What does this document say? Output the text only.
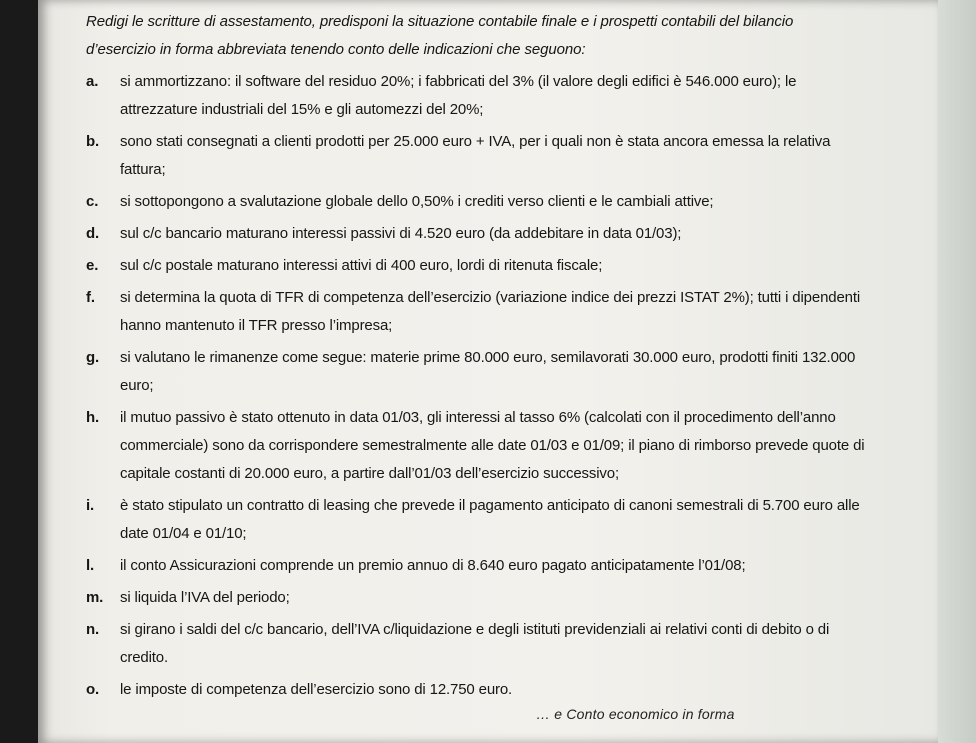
Redigi le scritture di assestamento, predisponi la situazione contabile finale e i prospetti contabili del bilancio d’esercizio in forma abbreviata tenendo conto delle indicazioni che seguono:

a.	si ammortizzano: il software del residuo 20%; i fabbricati del 3% (il valore degli edifici è 546.000 euro); le attrezzature industriali del 15% e gli automezzi del 20%;
b.	sono stati consegnati a clienti prodotti per 25.000 euro + IVA, per i quali non è stata ancora emessa la relativa fattura;
c.	si sottopongono a svalutazione globale dello 0,50% i crediti verso clienti e le cambiali attive;
d.	sul c/c bancario maturano interessi passivi di 4.520 euro (da addebitare in data 01/03);
e.	sul c/c postale maturano interessi attivi di 400 euro, lordi di ritenuta fiscale;
f.	si determina la quota di TFR di competenza dell’esercizio (variazione indice dei prezzi ISTAT 2%); tutti i dipendenti hanno mantenuto il TFR presso l’impresa;
g.	si valutano le rimanenze come segue: materie prime 80.000 euro, semilavorati 30.000 euro, prodotti finiti 132.000 euro;
h.	il mutuo passivo è stato ottenuto in data 01/03, gli interessi al tasso 6% (calcolati con il procedimento dell’anno commerciale) sono da corrispondere semestralmente alle date 01/03 e 01/09; il piano di rimborso prevede quote di capitale costanti di 20.000 euro, a partire dall’01/03 dell’esercizio successivo;
i.	è stato stipulato un contratto di leasing che prevede il pagamento anticipato di canoni semestrali di 5.700 euro alle date 01/04 e 01/10;
l.	il conto Assicurazioni comprende un premio annuo di 8.640 euro pagato anticipatamente l’01/08;
m.	si liquida l’IVA del periodo;
n.	si girano i saldi del c/c bancario, dell’IVA c/liquidazione e degli istituti previdenziali ai relativi conti di debito o di credito.
o.	le imposte di competenza dell’esercizio sono di 12.750 euro.
… e Conto economico in forma
